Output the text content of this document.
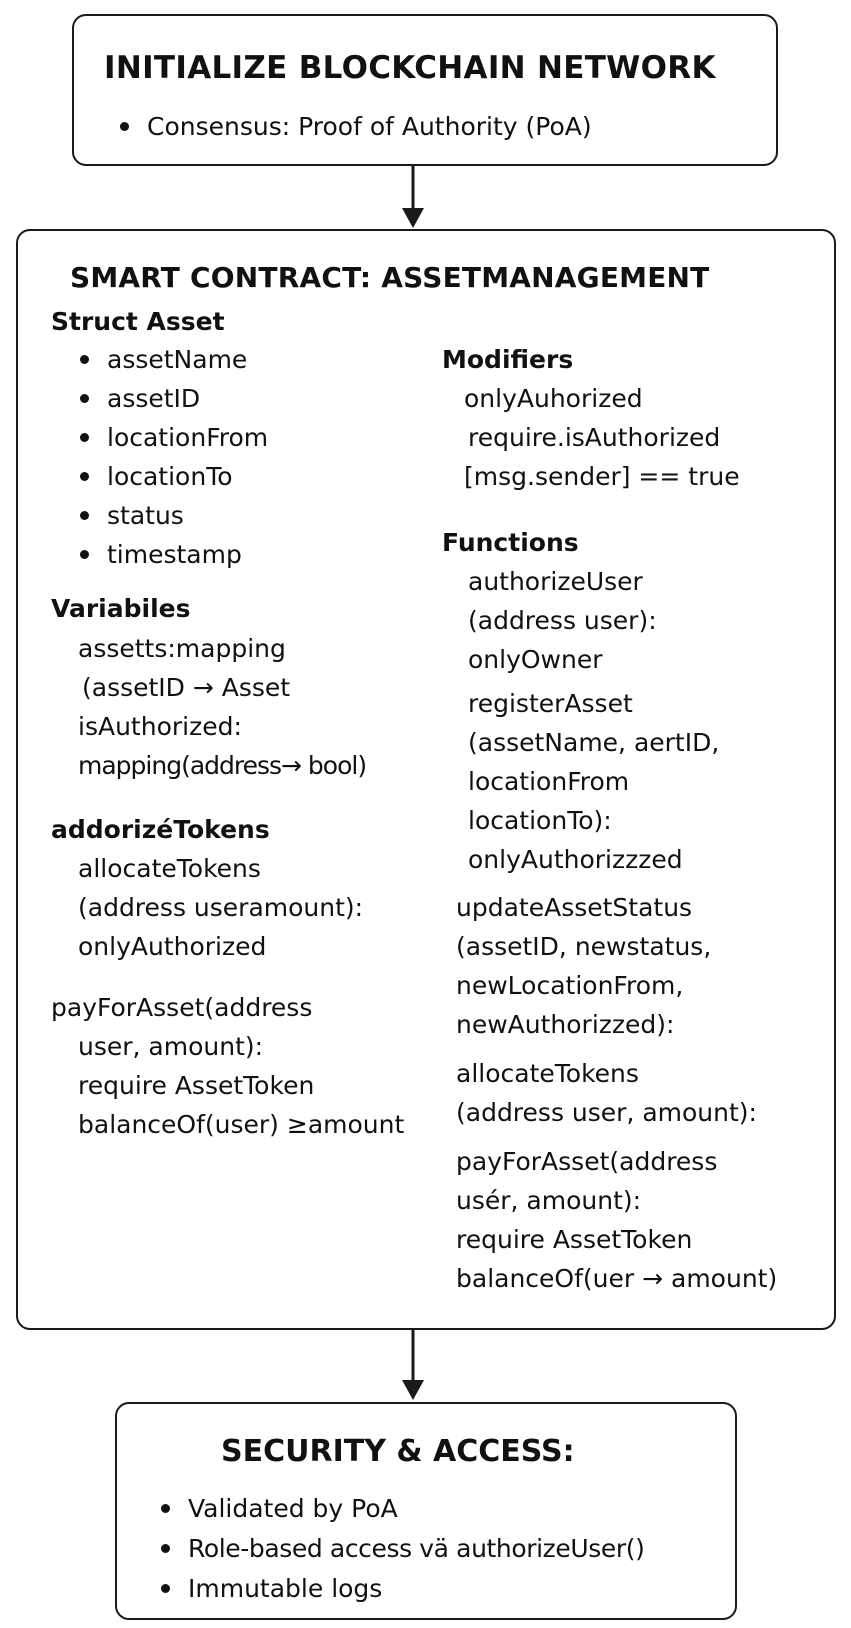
INITIALIZE BLOCKCHAIN NETWORK
Consensus: Proof of Authority (PoA)
SMART CONTRACT: ASSETMANAGEMENT
Struct Asset
assetName
assetID
locationFrom
locationTo
status
timestamp
Variabiles
assetts:mapping
(assetID → Asset
isAuthorized:
mapping(address→ bool)
addorizéTokens
allocateTokens
(address useramount):
onlyAuthorized
payForAsset(address
user, amount):
require AssetToken
balanceOf(user) ≥amount
Modifiers
onlyAuhorized
require.isAuthorized
[msg.sender] == true
Functions
authorizeUser
(address user):
onlyOwner
registerAsset
(assetName, aertID,
locationFrom
locationTo):
onlyAuthorizzzed
updateAssetStatus
(assetID, newstatus,
newLocationFrom,
newAuthorizzed):
allocateTokens
(address user, amount):
payForAsset(address
usér, amount):
require AssetToken
balanceOf(uer → amount)
SECURITY & ACCESS:
Validated by PoA
Role-based access vä authorizeUser()
Immutable logs
